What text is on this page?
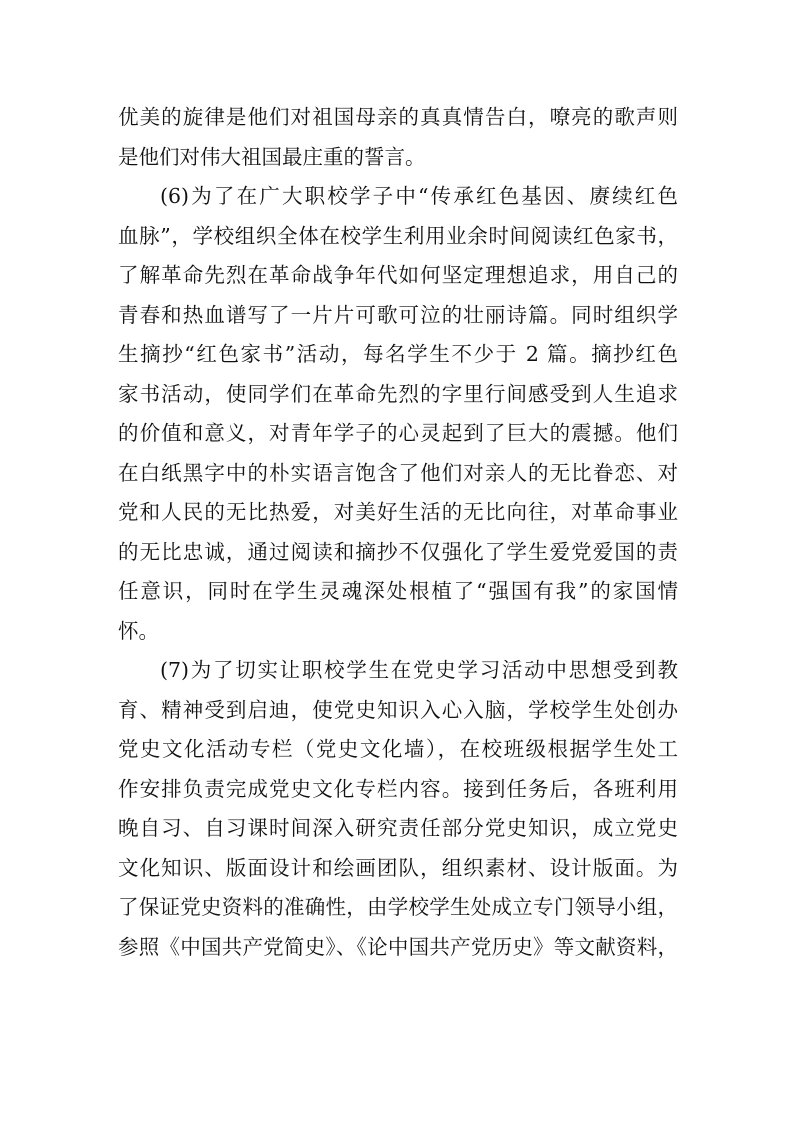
优美的旋律是他们对祖国母亲的真真情告白，嘹亮的歌声则
是他们对伟大祖国最庄重的誓言。
(6)为了在广大职校学子中“传承红色基因、赓续红色
血脉”，学校组织全体在校学生利用业余时间阅读红色家书，
了解革命先烈在革命战争年代如何坚定理想追求，用自己的
青春和热血谱写了一片片可歌可泣的壮丽诗篇。同时组织学
生摘抄“红色家书”活动，每名学生不少于 2 篇。摘抄红色
家书活动，使同学们在革命先烈的字里行间感受到人生追求
的价值和意义，对青年学子的心灵起到了巨大的震撼。他们
在白纸黑字中的朴实语言饱含了他们对亲人的无比眷恋、对
党和人民的无比热爱，对美好生活的无比向往，对革命事业
的无比忠诚，通过阅读和摘抄不仅强化了学生爱党爱国的责
任意识，同时在学生灵魂深处根植了“强国有我”的家国情
怀。
(7)为了切实让职校学生在党史学习活动中思想受到教
育、精神受到启迪，使党史知识入心入脑，学校学生处创办
党史文化活动专栏（党史文化墙），在校班级根据学生处工
作安排负责完成党史文化专栏内容。接到任务后，各班利用
晚自习、自习课时间深入研究责任部分党史知识，成立党史
文化知识、版面设计和绘画团队，组织素材、设计版面。为
了保证党史资料的准确性，由学校学生处成立专门领导小组，
参照《中国共产党简史》、《论中国共产党历史》等文献资料，
